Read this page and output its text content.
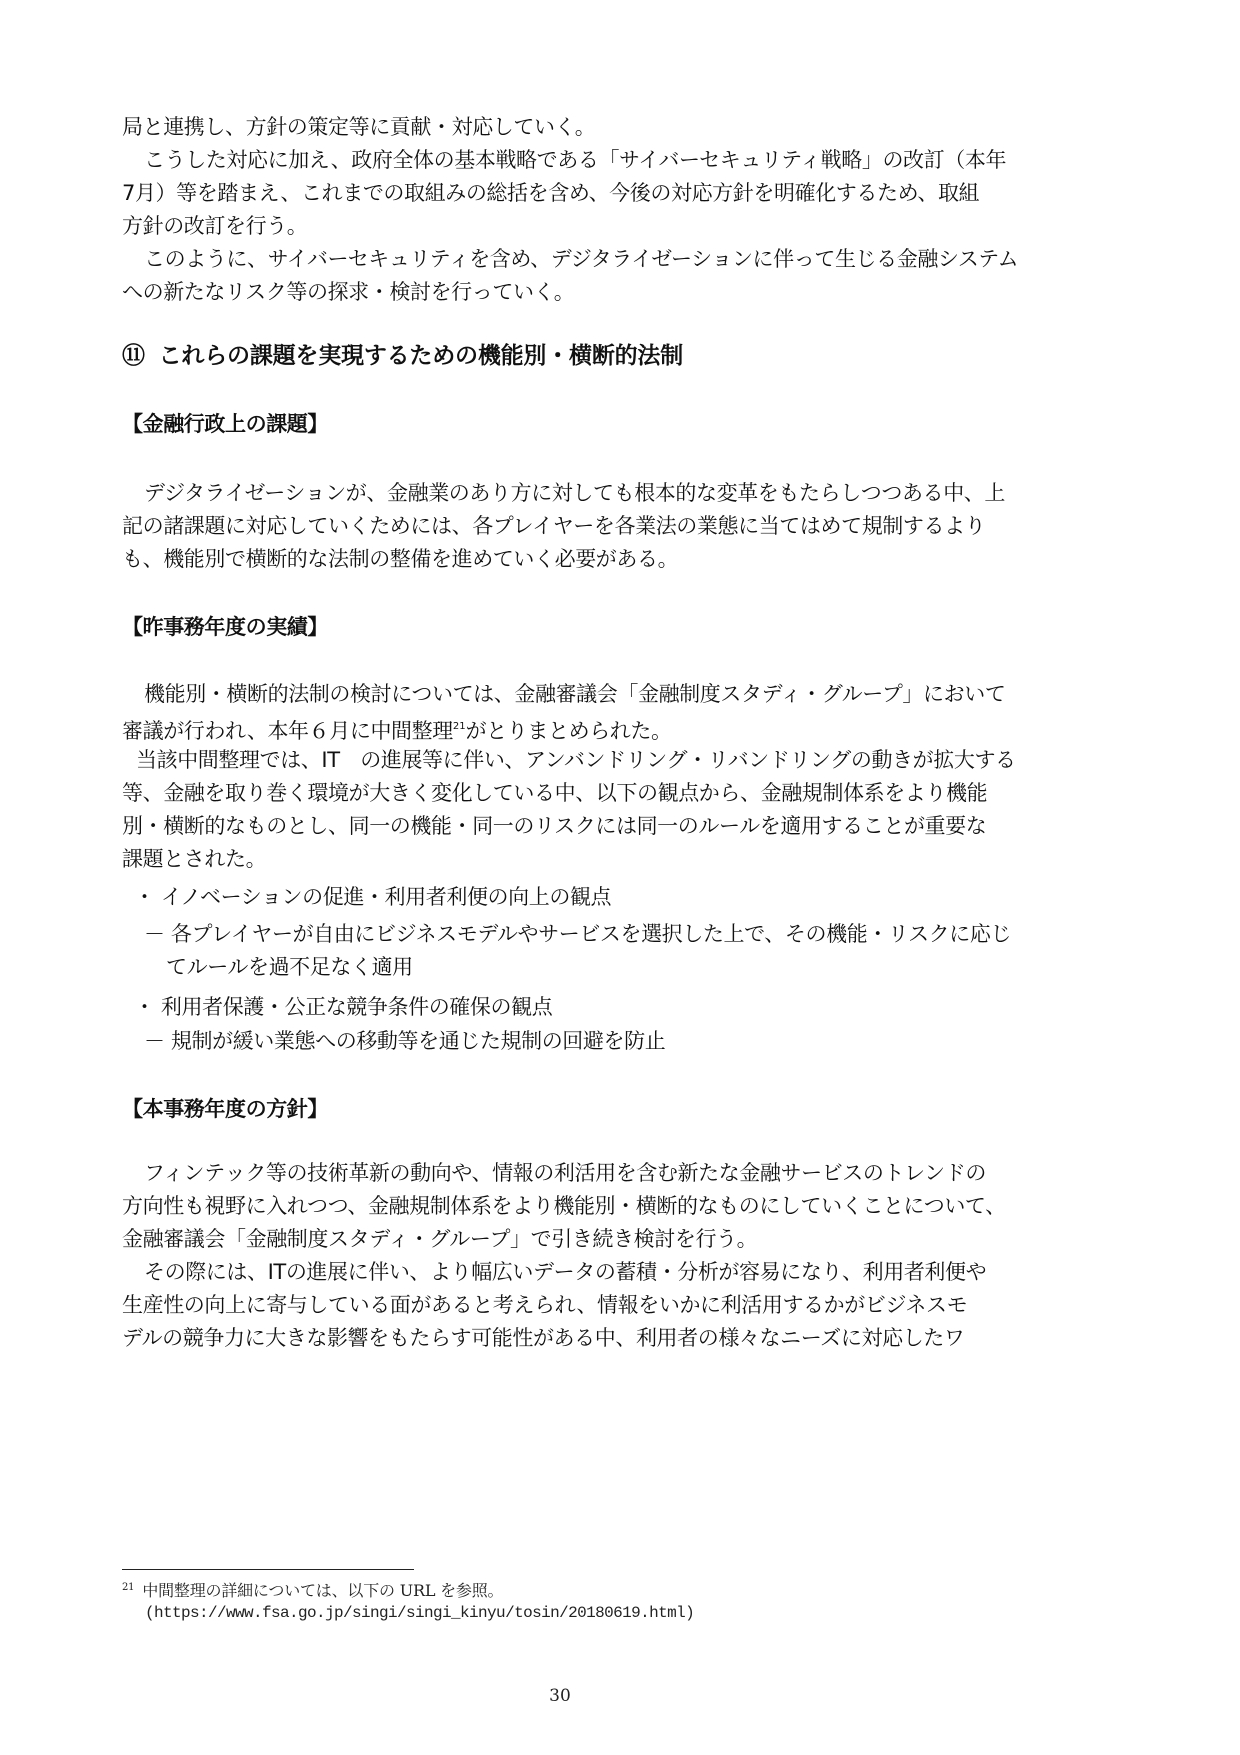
局と連携し、方針の策定等に貢献・対応していく。
こうした対応に加え、政府全体の基本戦略である「サイバーセキュリティ戦略」の改訂（本年
7月）等を踏まえ、これまでの取組みの総括を含め、今後の対応方針を明確化するため、取組
方針の改訂を行う。
このように、サイバーセキュリティを含め、デジタライゼーションに伴って生じる金融システム
への新たなリスク等の探求・検討を行っていく。
⑪ これらの課題を実現するための機能別・横断的法制
【金融行政上の課題】
デジタライゼーションが、金融業のあり方に対しても根本的な変革をもたらしつつある中、上
記の諸課題に対応していくためには、各プレイヤーを各業法の業態に当てはめて規制するより
も、機能別で横断的な法制の整備を進めていく必要がある。
【昨事務年度の実績】
機能別・横断的法制の検討については、金融審議会「金融制度スタディ・グループ」において
審議が行われ、本年６月に中間整理$^{21}$がとりまとめられた。
当該中間整理では、IT　の進展等に伴い、アンバンドリング・リバンドリングの動きが拡大する
等、金融を取り巻く環境が大きく変化している中、以下の観点から、金融規制体系をより機能
別・横断的なものとし、同一の機能・同一のリスクには同一のルールを適用することが重要な
課題とされた。
・ イノベーションの促進・利用者利便の向上の観点
－ 各プレイヤーが自由にビジネスモデルやサービスを選択した上で、その機能・リスクに応じ
てルールを過不足なく適用
・ 利用者保護・公正な競争条件の確保の観点
－ 規制が緩い業態への移動等を通じた規制の回避を防止
【本事務年度の方針】
フィンテック等の技術革新の動向や、情報の利活用を含む新たな金融サービスのトレンドの
方向性も視野に入れつつ、金融規制体系をより機能別・横断的なものにしていくことについて、
金融審議会「金融制度スタディ・グループ」で引き続き検討を行う。
その際には、ITの進展に伴い、より幅広いデータの蓄積・分析が容易になり、利用者利便や
生産性の向上に寄与している面があると考えられ、情報をいかに利活用するかがビジネスモ
デルの競争力に大きな影響をもたらす可能性がある中、利用者の様々なニーズに対応したワ
$^{21}$ 中間整理の詳細については、以下の URL を参照。
(https://www.fsa.go.jp/singi/singi_kinyu/tosin/20180619.html)
30
